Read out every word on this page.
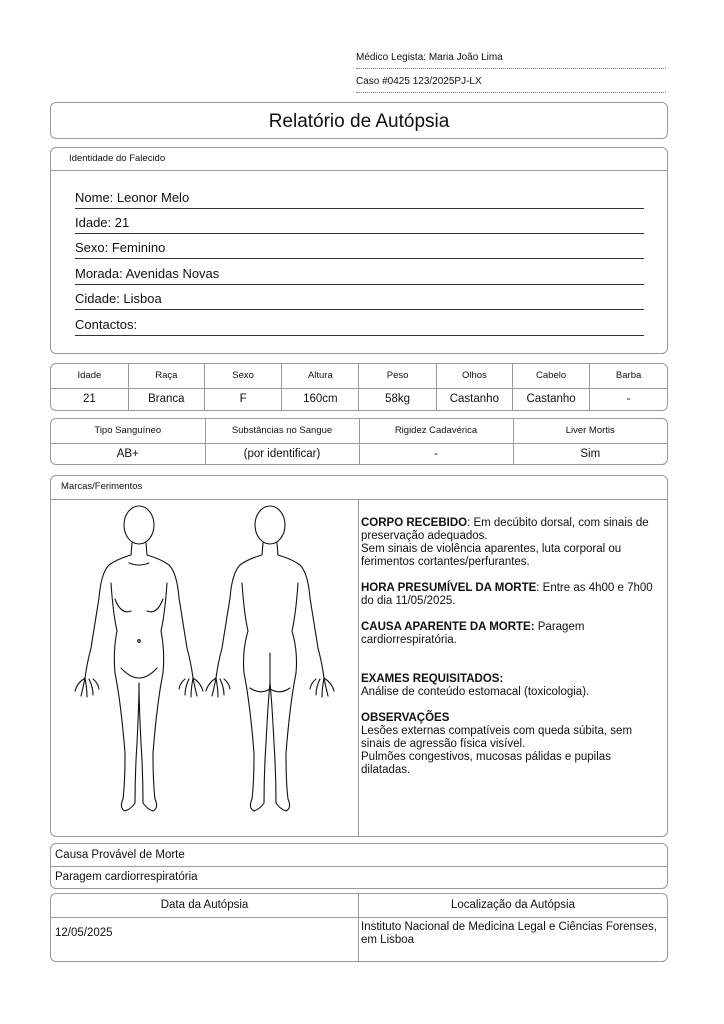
Médico Legista: Maria João Lima
Caso #0425 123/2025PJ-LX
Relatório de Autópsia
Identidade do Falecido
Nome: Leonor Melo
Idade: 21
Sexo: Feminino
Morada: Avenidas Novas
Cidade: Lisboa
Contactos:
Idade	Raça	Sexo	Altura	Peso	Olhos	Cabelo	Barba
21	Branca	F	160cm	58kg	Castanho	Castanho	-
Tipo Sanguíneo	Substâncias no Sangue	Rigidez Cadavérica	Liver Mortis
AB+	(por identificar)	-	Sim
Marcas/Ferimentos

CORPO RECEBIDO: Em decúbito dorsal, com sinais de preservação adequados.
Sem sinais de violência aparentes, luta corporal ou ferimentos cortantes/perfurantes.

HORA PRESUMÍVEL DA MORTE: Entre as 4h00 e 7h00 do dia 11/05/2025.

CAUSA APARENTE DA MORTE: Paragem cardiorrespiratória.

EXAMES REQUISITADOS:
Análise de conteúdo estomacal (toxicologia).

OBSERVAÇÕES
Lesões externas compatíveis com queda súbita, sem sinais de agressão física visível.
Pulmões congestivos, mucosas pálidas e pupilas dilatadas.

Causa Provável de Morte
Paragem cardiorrespiratória
Data da Autópsia	Localização da Autópsia
12/05/2025	Instituto Nacional de Medicina Legal e Ciências Forenses, em Lisboa
